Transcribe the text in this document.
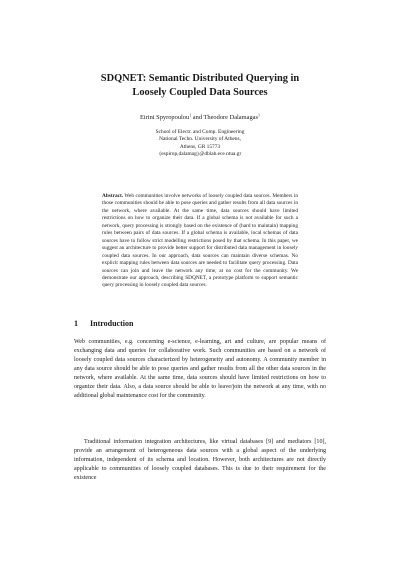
SDQNET: Semantic Distributed Querying in
Loosely Coupled Data Sources
Eirini Spyropoulou$^1$ and Theodore Dalamagas$^1$
School of Electr. and Comp. Engineering
National Techn. University of Athens,
Athens, GR 15773
{espirop,dalamag}@dblab.ece.ntua.gr

Abstract. Web communities involve networks of loosely coupled data sources. Members in those communities should be able to pose queries and gather results from all data sources in the network, where available. At the same time, data sources should have limited restrictions on how to organize their data. If a global schema is not available for such a network, query processing is strongly based on the existence of (hard to maintain) mapping rules between pairs of data sources. If a global schema is available, local schemas of data sources have to follow strict modelling restrictions posed by that schema. In this paper, we suggest an architecture to provide better support for distributed data management in loosely coupled data sources. In our approach, data sources can maintain diverse schemas. No explicit mapping rules between data sources are needed to facilitate query processing. Data sources can join and leave the network any time, at no cost for the community. We demonstrate our approach, describing SDQNET, a prototype platform to support semantic query processing in loosely coupled data sources.

1 Introduction

Web communities, e.g. concerning e-science, e-learning, art and culture, are popular means of exchanging data and queries for collaborative work. Such communities are based on a network of loosely coupled data sources characterized by heterogeneity and autonomy. A community member in any data source should be able to pose queries and gather results from all the other data sources in the network, where available. At the same time, data sources should have limited restrictions on how to organize their data. Also, a data source should be able to leave/join the network at any time, with no additional global maintenance cost for the community.

Traditional information integration architectures, like virtual databases [9] and mediators [10], provide an arrangement of heterogeneous data sources with a global aspect of the underlying information, independent of its schema and location. However, both architectures are not directly applicable to communities of loosely coupled databases. This is due to their requirement for the existence
